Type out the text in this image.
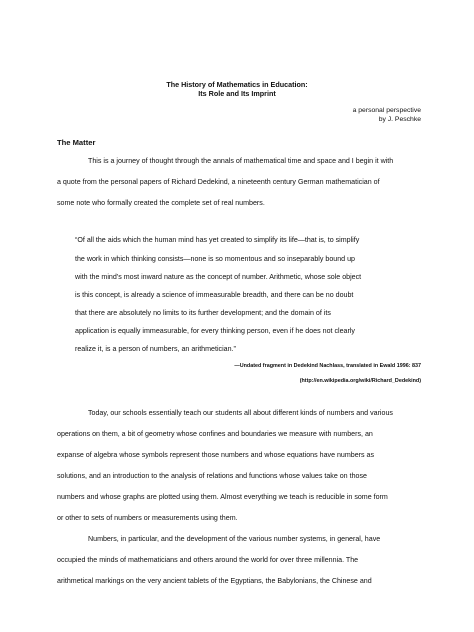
The History of Mathematics in Education:
Its Role and Its Imprint
a personal perspective
by J. Peschke
The Matter
This is a journey of thought through the annals of mathematical time and space and I begin it with
a quote from the personal papers of Richard Dedekind, a nineteenth century German mathematician of
some note who formally created the complete set of real numbers.
“Of all the aids which the human mind has yet created to simplify its life—that is, to simplify
the work in which thinking consists—none is so momentous and so inseparably bound up
with the mind’s most inward nature as the concept of number. Arithmetic, whose sole object
is this concept, is already a science of immeasurable breadth, and there can be no doubt
that there are absolutely no limits to its further development; and the domain of its
application is equally immeasurable, for every thinking person, even if he does not clearly
realize it, is a person of numbers, an arithmetician.”
—Undated fragment in Dedekind Nachlass, translated in Ewald 1996: 837
(http://en.wikipedia.org/wiki/Richard_Dedekind)
Today, our schools essentially teach our students all about different kinds of numbers and various
operations on them, a bit of geometry whose confines and boundaries we measure with numbers, an
expanse of algebra whose symbols represent those numbers and whose equations have numbers as
solutions, and an introduction to the analysis of relations and functions whose values take on those
numbers and whose graphs are plotted using them. Almost everything we teach is reducible in some form
or other to sets of numbers or measurements using them.
Numbers, in particular, and the development of the various number systems, in general, have
occupied the minds of mathematicians and others around the world for over three millennia. The
arithmetical markings on the very ancient tablets of the Egyptians, the Babylonians, the Chinese and
